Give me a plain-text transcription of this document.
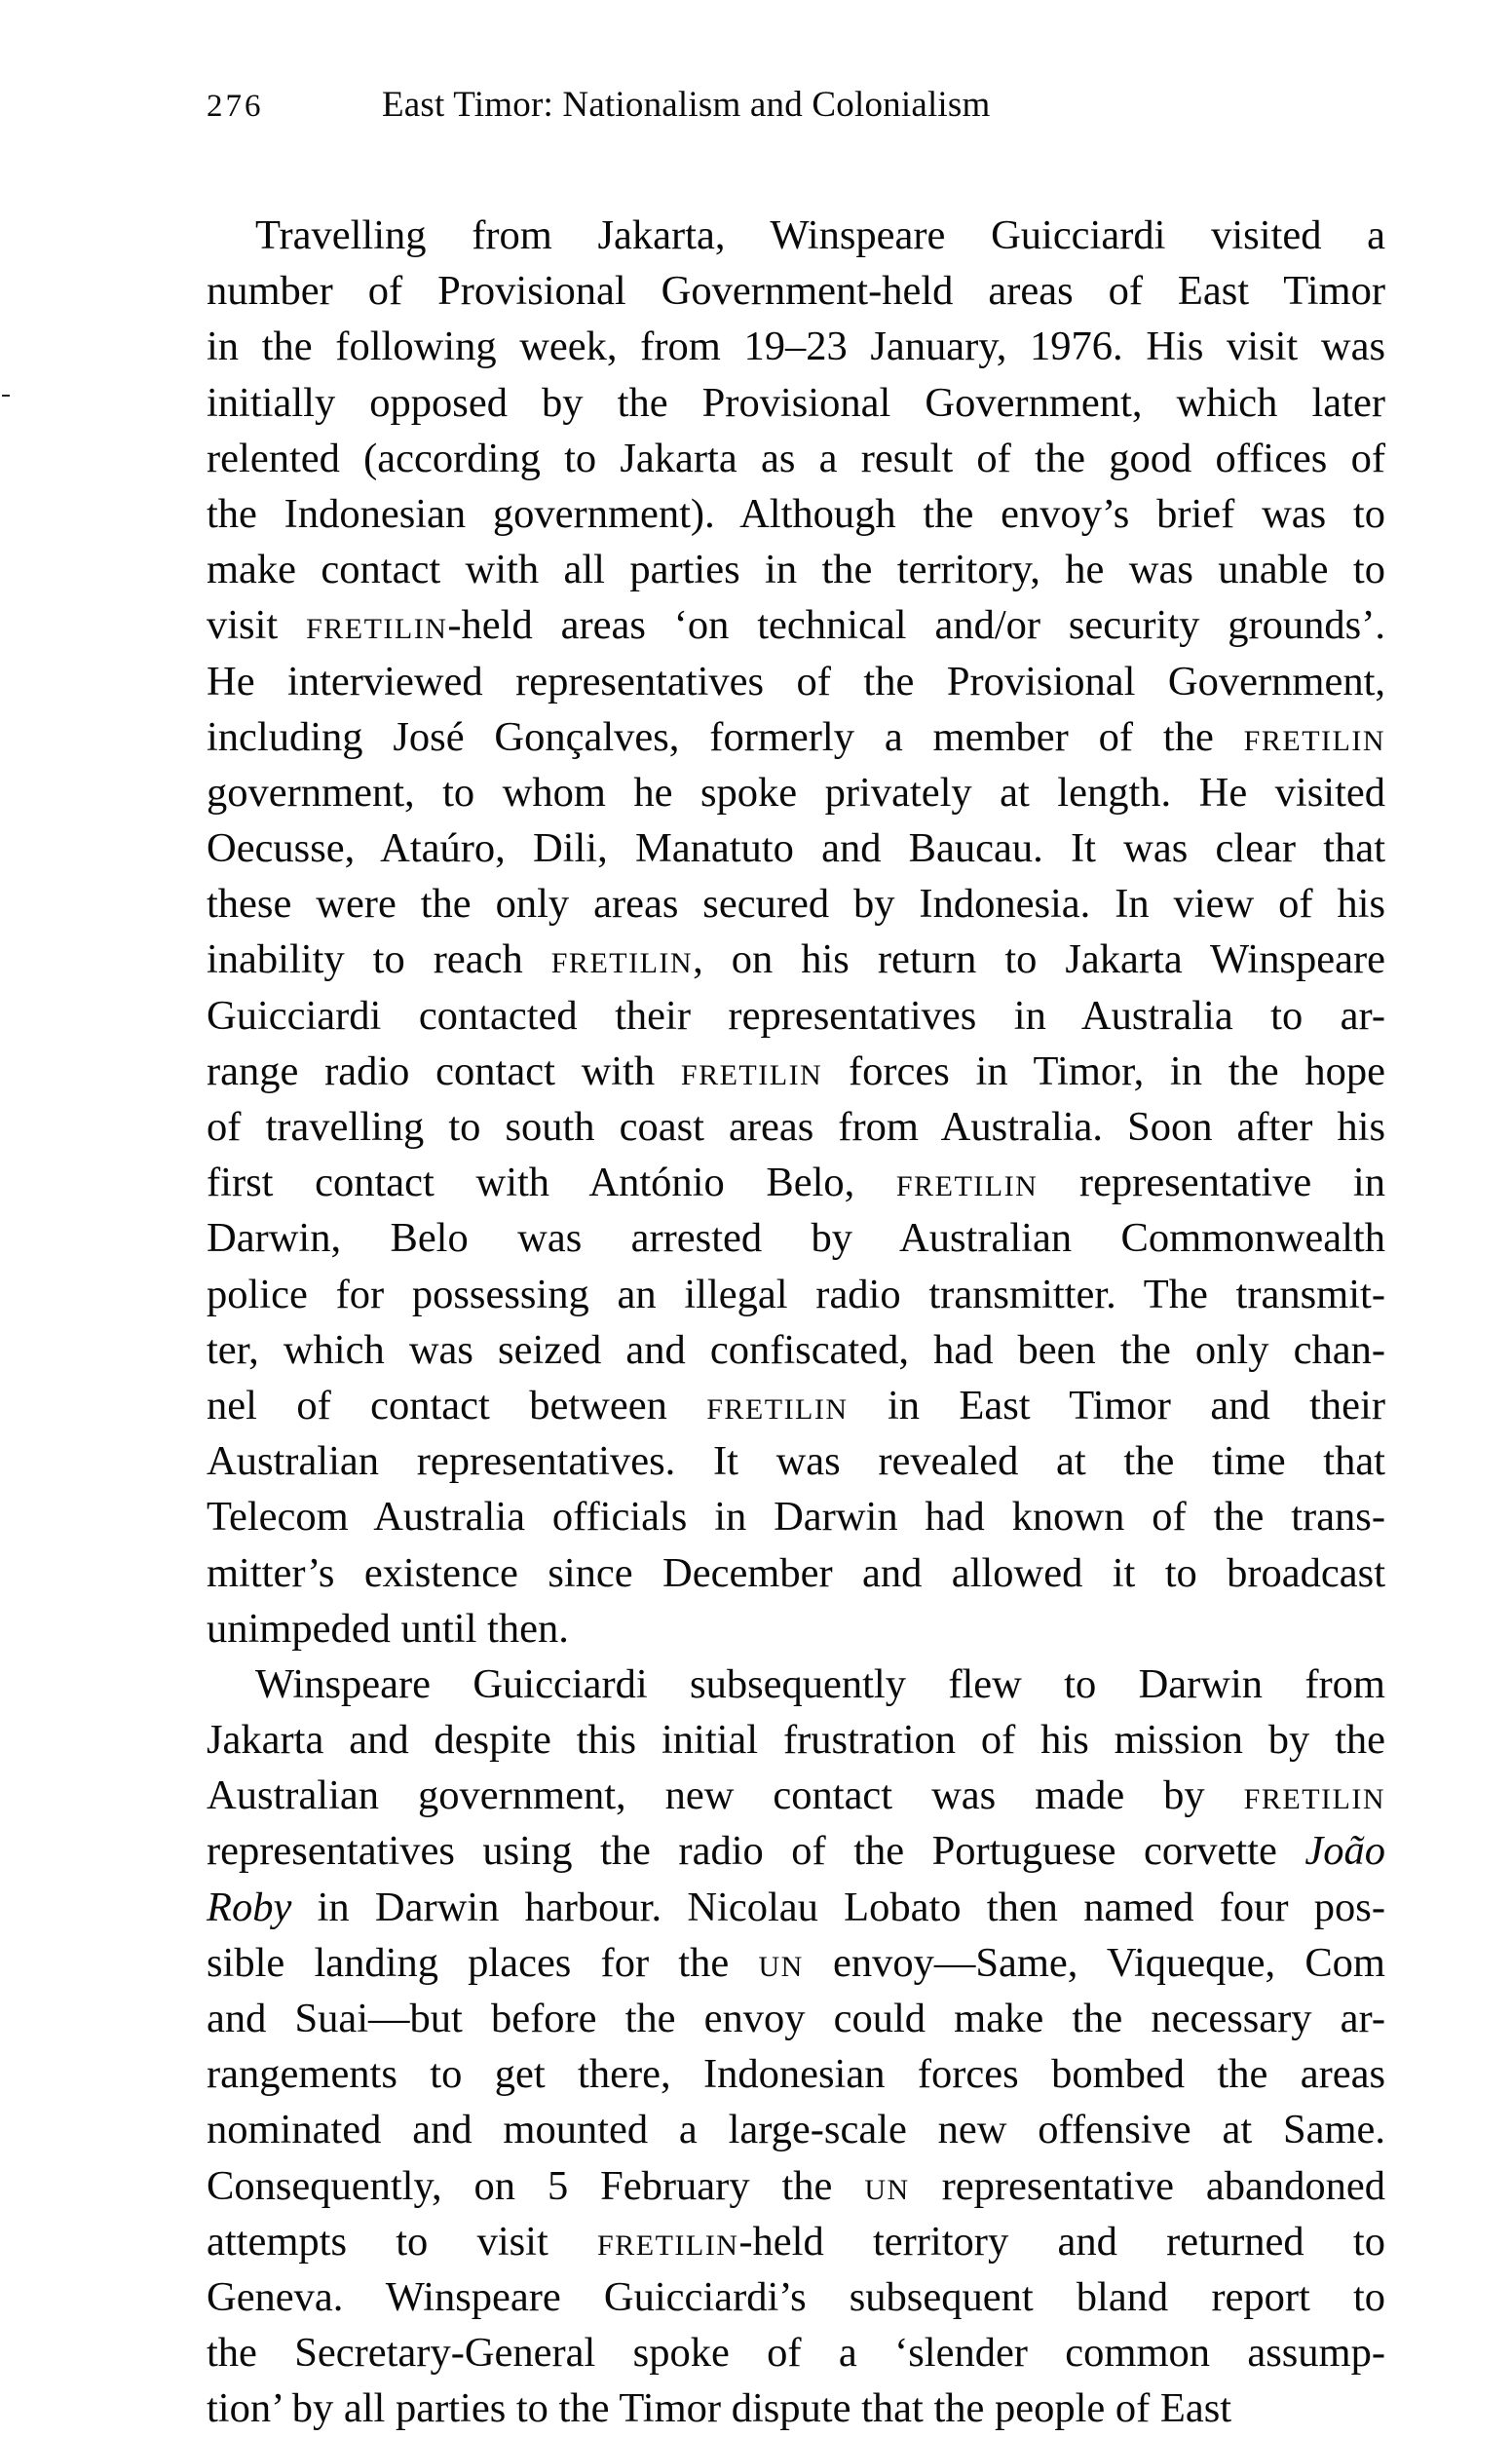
276	East Timor: Nationalism and Colonialism
Travelling from Jakarta, Winspeare Guicciardi visited a
number of Provisional Government-held areas of East Timor
in the following week, from 19–23 January, 1976. His visit was
initially opposed by the Provisional Government, which later
relented (according to Jakarta as a result of the good offices of
the Indonesian government). Although the envoy’s brief was to
make contact with all parties in the territory, he was unable to
visit fretilin-held areas ‘on technical and/or security grounds’.
He interviewed representatives of the Provisional Government,
including José Gonçalves, formerly a member of the fretilin
government, to whom he spoke privately at length. He visited
Oecusse, Ataúro, Dili, Manatuto and Baucau. It was clear that
these were the only areas secured by Indonesia. In view of his
inability to reach fretilin, on his return to Jakarta Winspeare
Guicciardi contacted their representatives in Australia to ar-
range radio contact with fretilin forces in Timor, in the hope
of travelling to south coast areas from Australia. Soon after his
first contact with António Belo, fretilin representative in
Darwin, Belo was arrested by Australian Commonwealth
police for possessing an illegal radio transmitter. The transmit-
ter, which was seized and confiscated, had been the only chan-
nel of contact between fretilin in East Timor and their
Australian representatives. It was revealed at the time that
Telecom Australia officials in Darwin had known of the trans-
mitter’s existence since December and allowed it to broadcast
unimpeded until then.
Winspeare Guicciardi subsequently flew to Darwin from
Jakarta and despite this initial frustration of his mission by the
Australian government, new contact was made by fretilin
representatives using the radio of the Portuguese corvette João
Roby in Darwin harbour. Nicolau Lobato then named four pos-
sible landing places for the un envoy—Same, Viqueque, Com
and Suai—but before the envoy could make the necessary ar-
rangements to get there, Indonesian forces bombed the areas
nominated and mounted a large-scale new offensive at Same.
Consequently, on 5 February the un representative abandoned
attempts to visit fretilin-held territory and returned to
Geneva. Winspeare Guicciardi’s subsequent bland report to
the Secretary-General spoke of a ‘slender common assump-
tion’ by all parties to the Timor dispute that the people of East
